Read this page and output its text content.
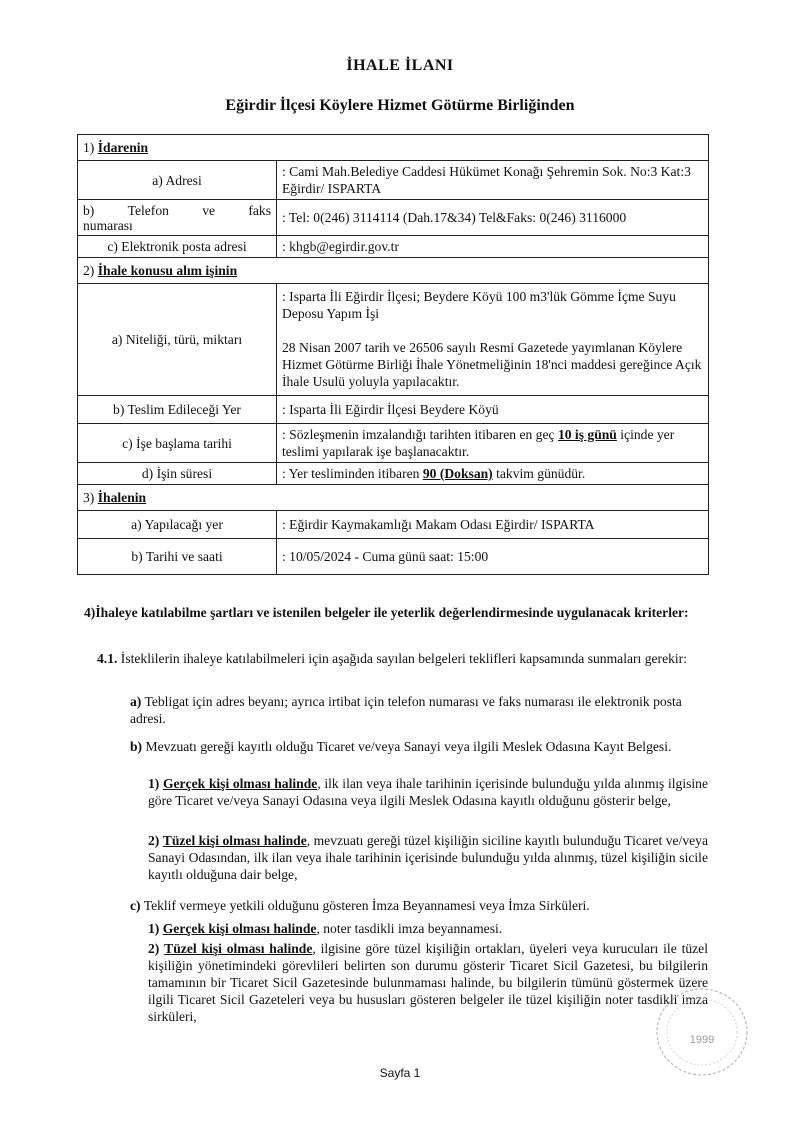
İHALE İLANI
Eğirdir İlçesi Köylere Hizmet Götürme Birliğinden
1) İdarenin	
a) Adresi	: Cami Mah.Belediye Caddesi Hükümet Konağı Şehremin Sok. No:3 Kat:3 Eğirdir/ ISPARTA

b) Telefon ve faks
numarası	: Tel: 0(246) 3114114 (Dah.17&34) Tel&Faks: 0(246) 3116000
c) Elektronik posta adresi	: khgb@egirdir.gov.tr
2) İhale konusu alım işinin	
a) Niteliği, türü, miktarı	: Isparta İli Eğirdir İlçesi; Beydere Köyü 100 m3'lük Gömme İçme Suyu Deposu Yapım İşi
28 Nisan 2007 tarih ve 26506 sayılı Resmi Gazetede yayımlanan Köylere Hizmet Götürme Birliği İhale Yönetmeliğinin 18'nci maddesi gereğince Açık İhale Usulü yoluyla yapılacaktır.

b) Teslim Edileceği Yer	: Isparta İli Eğirdir İlçesi Beydere Köyü
c) İşe başlama tarihi	: Sözleşmenin imzalandığı tarihten itibaren en geç 10 iş günü içinde yer teslimi yapılarak işe başlanacaktır.
d) İşin süresi	: Yer tesliminden itibaren 90 (Doksan) takvim günüdür.
3) İhalenin	
a) Yapılacağı yer	: Eğirdir Kaymakamlığı Makam Odası Eğirdir/ ISPARTA
b) Tarihi ve saati	: 10/05/2024 - Cuma günü saat: 15:00
4)İhaleye katılabilme şartları ve istenilen belgeler ile yeterlik değerlendirmesinde uygulanacak kriterler:
4.1. İsteklilerin ihaleye katılabilmeleri için aşağıda sayılan belgeleri teklifleri kapsamında sunmaları gerekir:
a) Tebligat için adres beyanı; ayrıca irtibat için telefon numarası ve faks numarası ile elektronik posta adresi.
b) Mevzuatı gereği kayıtlı olduğu Ticaret ve/veya Sanayi veya ilgili Meslek Odasına Kayıt Belgesi.
1) Gerçek kişi olması halinde, ilk ilan veya ihale tarihinin içerisinde bulunduğu yılda alınmış ilgisine göre Ticaret ve/veya Sanayi Odasına veya ilgili Meslek Odasına kayıtlı olduğunu gösterir belge,
2) Tüzel kişi olması halinde, mevzuatı gereği tüzel kişiliğin siciline kayıtlı bulunduğu Ticaret ve/veya Sanayi Odasından, ilk ilan veya ihale tarihinin içerisinde bulunduğu yılda alınmış, tüzel kişiliğin sicile kayıtlı olduğuna dair belge,
c) Teklif vermeye yetkili olduğunu gösteren İmza Beyannamesi veya İmza Sirküleri.
1) Gerçek kişi olması halinde, noter tasdikli imza beyannamesi.
2) Tüzel kişi olması halinde, ilgisine göre tüzel kişiliğin ortakları, üyeleri veya kurucuları ile tüzel kişiliğin yönetimindeki görevlileri belirten son durumu gösterir Ticaret Sicil Gazetesi, bu bilgilerin tamamının bir Ticaret Sicil Gazetesinde bulunmaması halinde, bu bilgilerin tümünü göstermek üzere ilgili Ticaret Sicil Gazeteleri veya bu hususları gösteren belgeler ile tüzel kişiliğin noter tasdikli imza sirküleri,
1999
Sayfa 1
